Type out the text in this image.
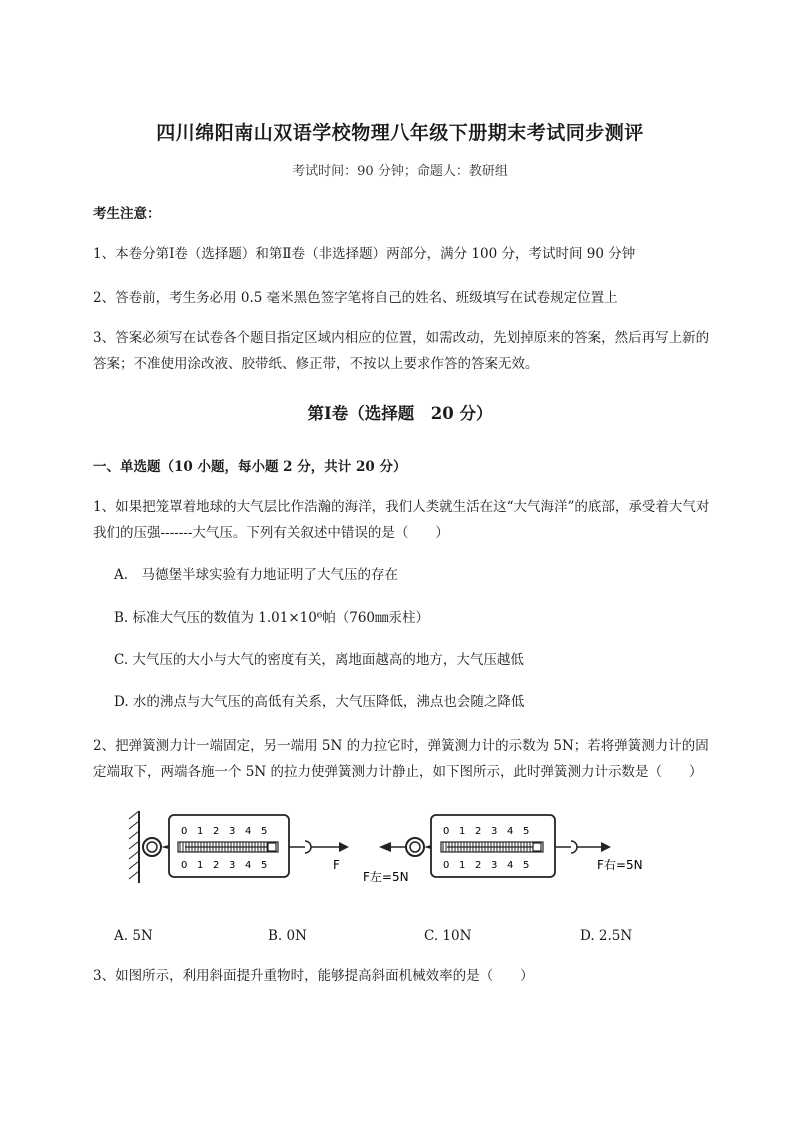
四川绵阳南山双语学校物理八年级下册期末考试同步测评
考试时间：90 分钟；命题人：教研组
考生注意：
1、本卷分第Ⅰ卷（选择题）和第Ⅱ卷（非选择题）两部分，满分 100 分，考试时间 90 分钟
2、答卷前，考生务必用 0.5 毫米黑色签字笔将自己的姓名、班级填写在试卷规定位置上
3、答案必须写在试卷各个题目指定区域内相应的位置，如需改动，先划掉原来的答案，然后再写上新的答案；不准使用涂改液、胶带纸、修正带，不按以上要求作答的答案无效。
第Ⅰ卷（选择题　20 分）
一、单选题（10 小题，每小题 2 分，共计 20 分）
1、如果把笼罩着地球的大气层比作浩瀚的海洋，我们人类就生活在这“大气海洋”的底部，承受着大气对我们的压强-------大气压。下列有关叙述中错误的是（　　）
A.　马德堡半球实验有力地证明了大气压的存在
B. 标准大气压的数值为 1.01×10⁶帕（760㎜汞柱）
C. 大气压的大小与大气的密度有关，离地面越高的地方，大气压越低
D. 水的沸点与大气压的高低有关系，大气压降低，沸点也会随之降低
2、把弹簧测力计一端固定，另一端用 5N 的力拉它时，弹簧测力计的示数为 5N；若将弹簧测力计的固定端取下，两端各施一个 5N 的拉力使弹簧测力计静止，如下图所示，此时弹簧测力计示数是（　　）
0 1 2 3 4 5
0 1 2 3 4 5	F
0 1 2 3 4 5
0 1 2 3 4 5
F左=5N
F右=5N
A. 5N	B. 0N	C. 10N	D. 2.5N
3、如图所示，利用斜面提升重物时，能够提高斜面机械效率的是（　　）
